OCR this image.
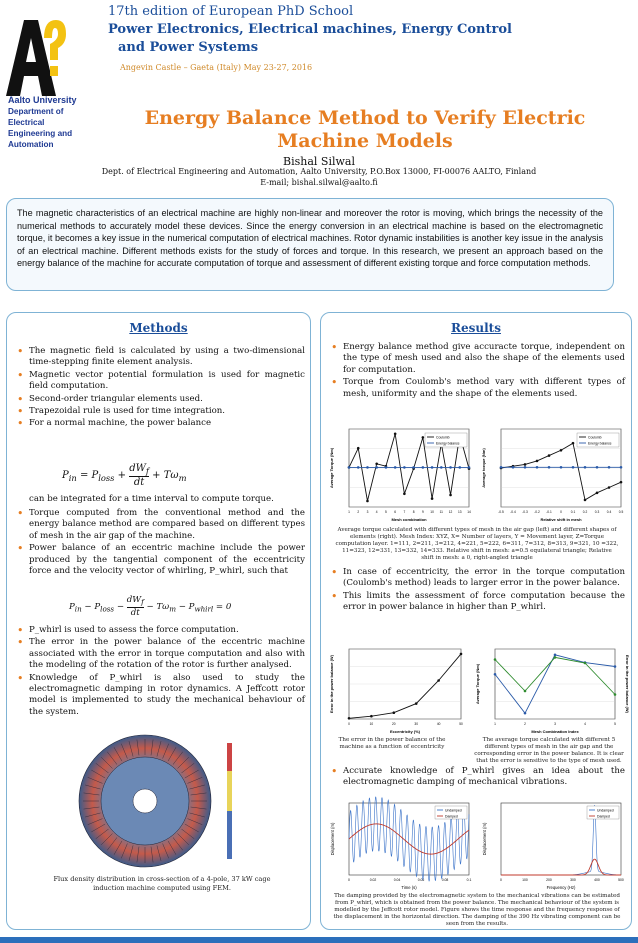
Aalto University
Department of
Electrical
Engineering and
Automation
17th edition of European PhD School
Power Electronics, Electrical machines, Energy Control
and Power Systems
Angevin Castle – Gaeta (Italy) May 23-27, 2016
Energy Balance Method to Verify Electric Machine Models
Bishal Silwal
Dept. of Electrical Engineering and Automation, Aalto University, P.O.Box 13000, FI-00076 AALTO, Finland
E-mail; bishal.silwal@aalto.fi
The magnetic characteristics of an electrical machine are highly non-linear and moreover the rotor is moving, which brings the necessity of the numerical methods to accurately model these devices. Since the energy conversion in an electrical machine is based on the electromagnetic torque, it becomes a key issue in the numerical computation of electrical machines. Rotor dynamic instabilities is another key issue in the analysis of an electrical machine. Different methods exists for the study of forces and torque. In this research, we present an approach based on the energy balance of the machine for accurate computation of torque and assessment of different existing torque and force computation methods.
Methods
• The magnetic field is calculated by using a two-dimensional time-stepping finite element analysis.
• Magnetic vector potential formulation is used for magnetic field computation.
• Second-order triangular elements used.
• Trapezoidal rule is used for time integration.
• For a normal machine, the power balance
$P_{in} = P_{loss}$ +
$dW_f$
dt
+ $T\omega_m$
can be integrated for a time interval to compute torque.
• Torque computed from the conventional method and the energy balance method are compared based on different types of mesh in the air gap of the machine.
• Power balance of an eccentric machine include the power produced by the tangential component of the eccentricity force and the velocity vector of whirling, P_whirl, such that
$P_{in} - P_{loss}$ −
$dW_f$
dt
− $T\omega_m - P_{whirl} = 0$
• P_whirl is used to assess the force computation.
• The error in the power balance of the eccentric machine associated with the error in torque computation and also with the modeling of the rotation of the rotor is further analysed.
• Knowledge of P_whirl is also used to study the electromagnetic damping in rotor dynamics. A Jeffcott rotor model is implemented to study the mechanical behaviour of the system.
Flux density distribution in cross-section of a 4-pole, 37 kW cage induction machine computed using FEM.
Results
• Energy balance method give accuracte torque, independent on the type of mesh used and also the shape of the elements used for computation.
• Torque from Coulomb's method vary with different types of mesh, uniformity and the shape of the elements used.
1 2 3 4 5 6 7 8 9 10 11 12 13 14
Mesh combination
Average Torque (Nm)
Coulomb
Energy balance
-0.5 -0.4 -0.3 -0.2 -0.1	0	0.1 0.2 0.3 0.4 0.5
Relative shift in mesh
Average torque (Nm)
Coulomb
Energy balance
Average torque calculated with different types of mesh in the air gap (left) and different shapes of elements (right). Mesh Index: XYZ, X= Number of layers, Y = Movement layer, Z=Torque computation layer. 1=111, 2=211, 3=212, 4=221, 5=222, 6=311, 7=312, 8=313, 9=321, 10 =322, 11=323, 12=331, 13=332, 14=333. Relative shift in mesh: a=0.5 equilateral triangle; Relative shift in mesh: a 0, right-angled triangle
• In case of eccentricity, the error in the torque computation (Coulomb's method) leads to larger error in the power balance.
• This limits the assessment of force computation because the error in power balance in higher than P_whirl.
0	10	20	30	40	50
Eccentricity (%)
Error in the power balance (W)
1	2	3	4	5
Mesh Combination Index
Average Torque (Nm)	Error in the power balance (W)
The error in the power balance of the machine as a function of eccentricity
The average torque calculated with different 5 different types of mesh in the air gap and the corresponding error in the power balance. It is clear that the error is sensitive to the type of mesh used.
• Accurate knowledge of P_whirl gives an idea about the electromagnetic damping of mechanical vibrations.
Time (s)
Displacement (m)
0	0.02	0.04	0.06	0.08	0.1
Undamped
Damped
Frequency (Hz)
Displacement (m)
0	100	200	300	400	500
Undamped
Damped
The damping provided by the electromagnetic system to the mechanical vibrations can be estimated from P_whirl, which is obtained from the power balance. The mechanical behaviour of the system is modelled by the Jeffcott rotor model. Figure shows the time response and the frequency response of the displacement in the horizontal direction. The damping of the 390 Hz vibrating component can be seen from the results.
